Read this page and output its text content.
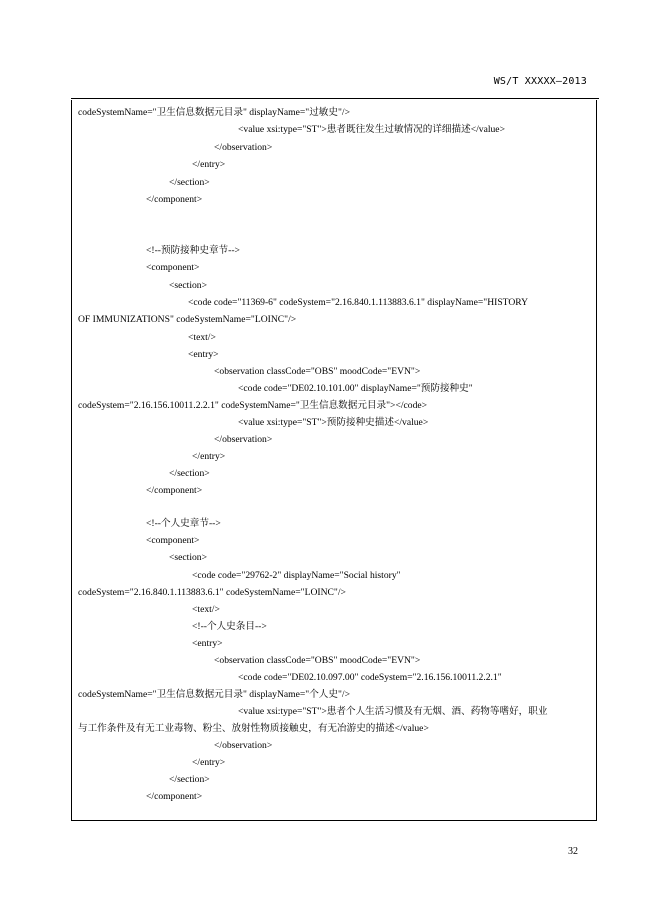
WS/T XXXXX—2013
codeSystemName="卫生信息数据元目录" displayName="过敏史"/>
<value xsi:type="ST">患者既往发生过敏情况的详细描述</value>
</observation>
</entry>
</section>
</component>
<!--预防接种史章节-->
<component>
<section>
<code code="11369-6" codeSystem="2.16.840.1.113883.6.1" displayName="HISTORY
OF IMMUNIZATIONS" codeSystemName="LOINC"/>
<text/>
<entry>
<observation classCode="OBS" moodCode="EVN">
<code code="DE02.10.101.00" displayName="预防接种史"
codeSystem="2.16.156.10011.2.2.1" codeSystemName="卫生信息数据元目录"></code>
<value xsi:type="ST">预防接种史描述</value>
</observation>
</entry>
</section>
</component>
<!--个人史章节-->
<component>
<section>
<code code="29762-2" displayName="Social history"
codeSystem="2.16.840.1.113883.6.1" codeSystemName="LOINC"/>
<text/>
<!--个人史条目-->
<entry>
<observation classCode="OBS" moodCode="EVN">
<code code="DE02.10.097.00" codeSystem="2.16.156.10011.2.2.1"
codeSystemName="卫生信息数据元目录" displayName="个人史"/>
<value xsi:type="ST">患者个人生活习惯及有无烟、酒、药物等嗜好，职业
与工作条件及有无工业毒物、粉尘、放射性物质接触史，有无冶游史的描述</value>
</observation>
</entry>
</section>
</component>
32
